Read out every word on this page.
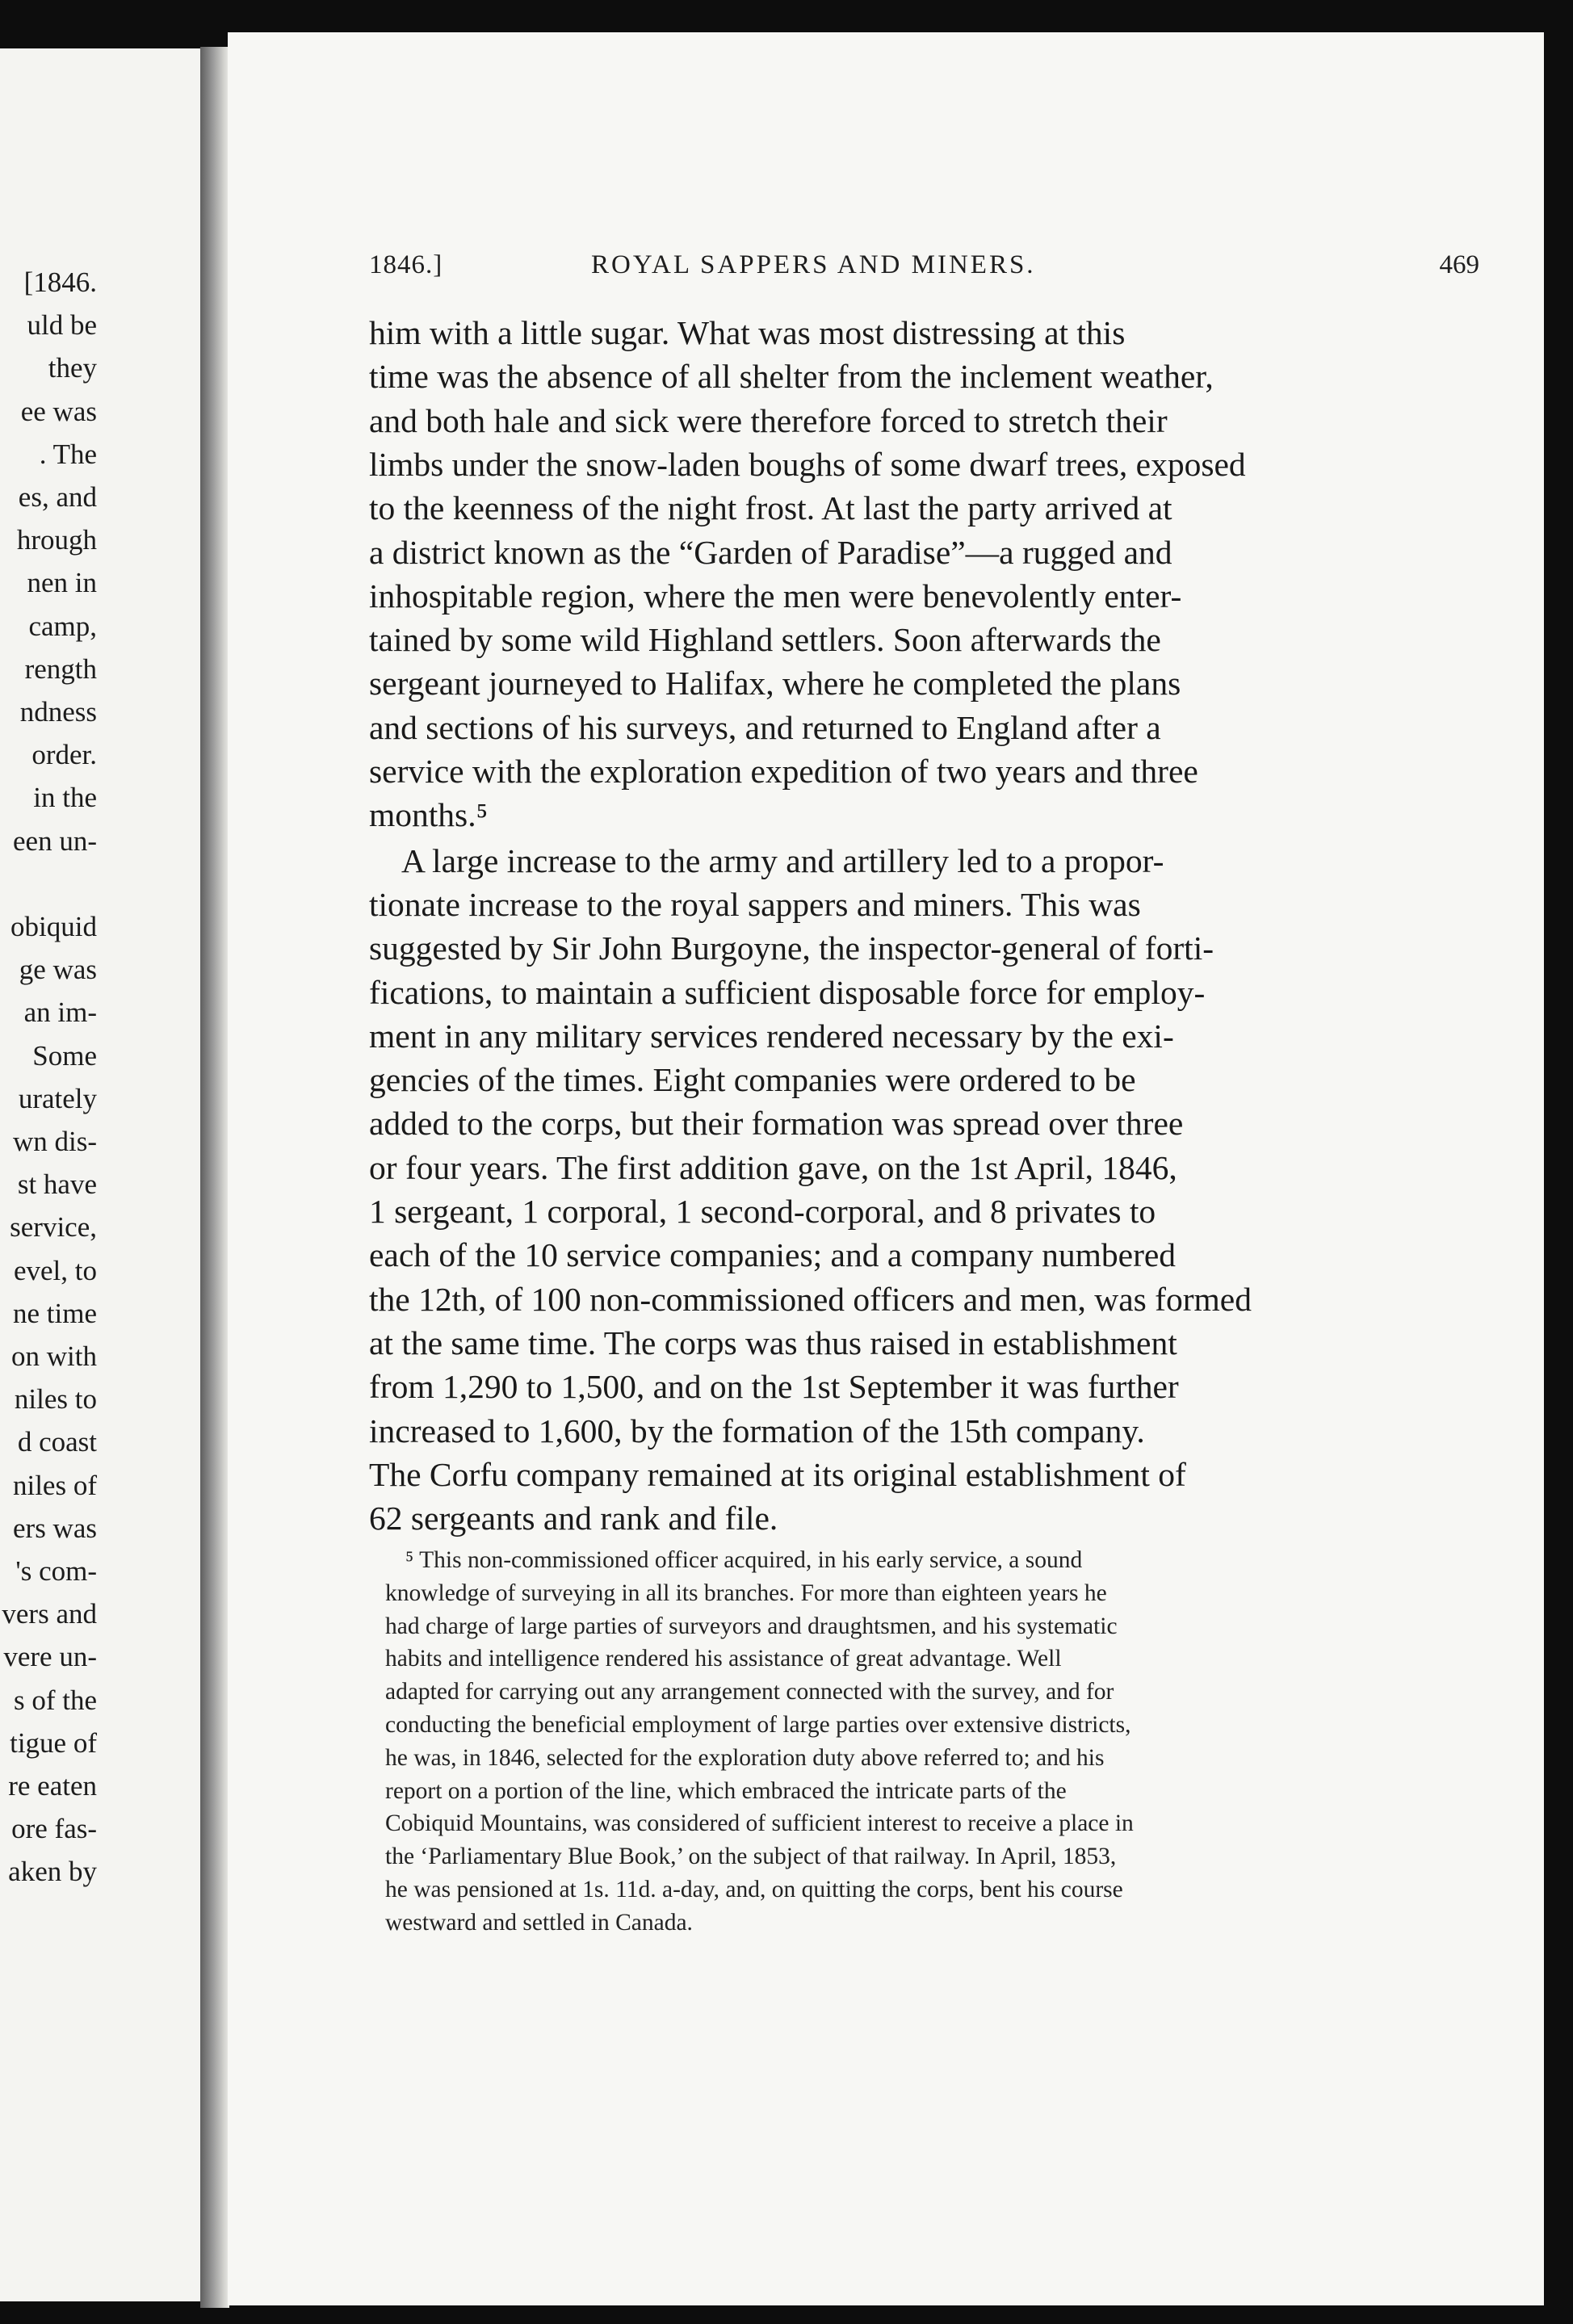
[1846.
uld be
they
ee was
. The
es, and
hrough
nen in
camp,
rength
ndness
order.
in the
een un-
obiquid
ge was
an im-
Some
urately
wn dis-
st have
service,
evel, to
ne time
on with
niles to
d coast
niles of
ers was
's com-
vers and
vere un-
s of the
tigue of
re eaten
ore fas-
aken by
1846.]	ROYAL SAPPERS AND MINERS.	469
him with a little sugar. What was most distressing at this
time was the absence of all shelter from the inclement weather,
and both hale and sick were therefore forced to stretch their
limbs under the snow-laden boughs of some dwarf trees, exposed
to the keenness of the night frost. At last the party arrived at
a district known as the “Garden of Paradise”—a rugged and
inhospitable region, where the men were benevolently enter-
tained by some wild Highland settlers. Soon afterwards the
sergeant journeyed to Halifax, where he completed the plans
and sections of his surveys, and returned to England after a
service with the exploration expedition of two years and three
months.⁵
A large increase to the army and artillery led to a propor-
tionate increase to the royal sappers and miners. This was
suggested by Sir John Burgoyne, the inspector-general of forti-
fications, to maintain a sufficient disposable force for employ-
ment in any military services rendered necessary by the exi-
gencies of the times. Eight companies were ordered to be
added to the corps, but their formation was spread over three
or four years. The first addition gave, on the 1st April, 1846,
1 sergeant, 1 corporal, 1 second-corporal, and 8 privates to
each of the 10 service companies; and a company numbered
the 12th, of 100 non-commissioned officers and men, was formed
at the same time. The corps was thus raised in establishment
from 1,290 to 1,500, and on the 1st September it was further
increased to 1,600, by the formation of the 15th company.
The Corfu company remained at its original establishment of
62 sergeants and rank and file.
⁵ This non-commissioned officer acquired, in his early service, a sound
knowledge of surveying in all its branches. For more than eighteen years he
had charge of large parties of surveyors and draughtsmen, and his systematic
habits and intelligence rendered his assistance of great advantage. Well
adapted for carrying out any arrangement connected with the survey, and for
conducting the beneficial employment of large parties over extensive districts,
he was, in 1846, selected for the exploration duty above referred to; and his
report on a portion of the line, which embraced the intricate parts of the
Cobiquid Mountains, was considered of sufficient interest to receive a place in
the ‘Parliamentary Blue Book,’ on the subject of that railway. In April, 1853,
he was pensioned at 1s. 11d. a-day, and, on quitting the corps, bent his course
westward and settled in Canada.
